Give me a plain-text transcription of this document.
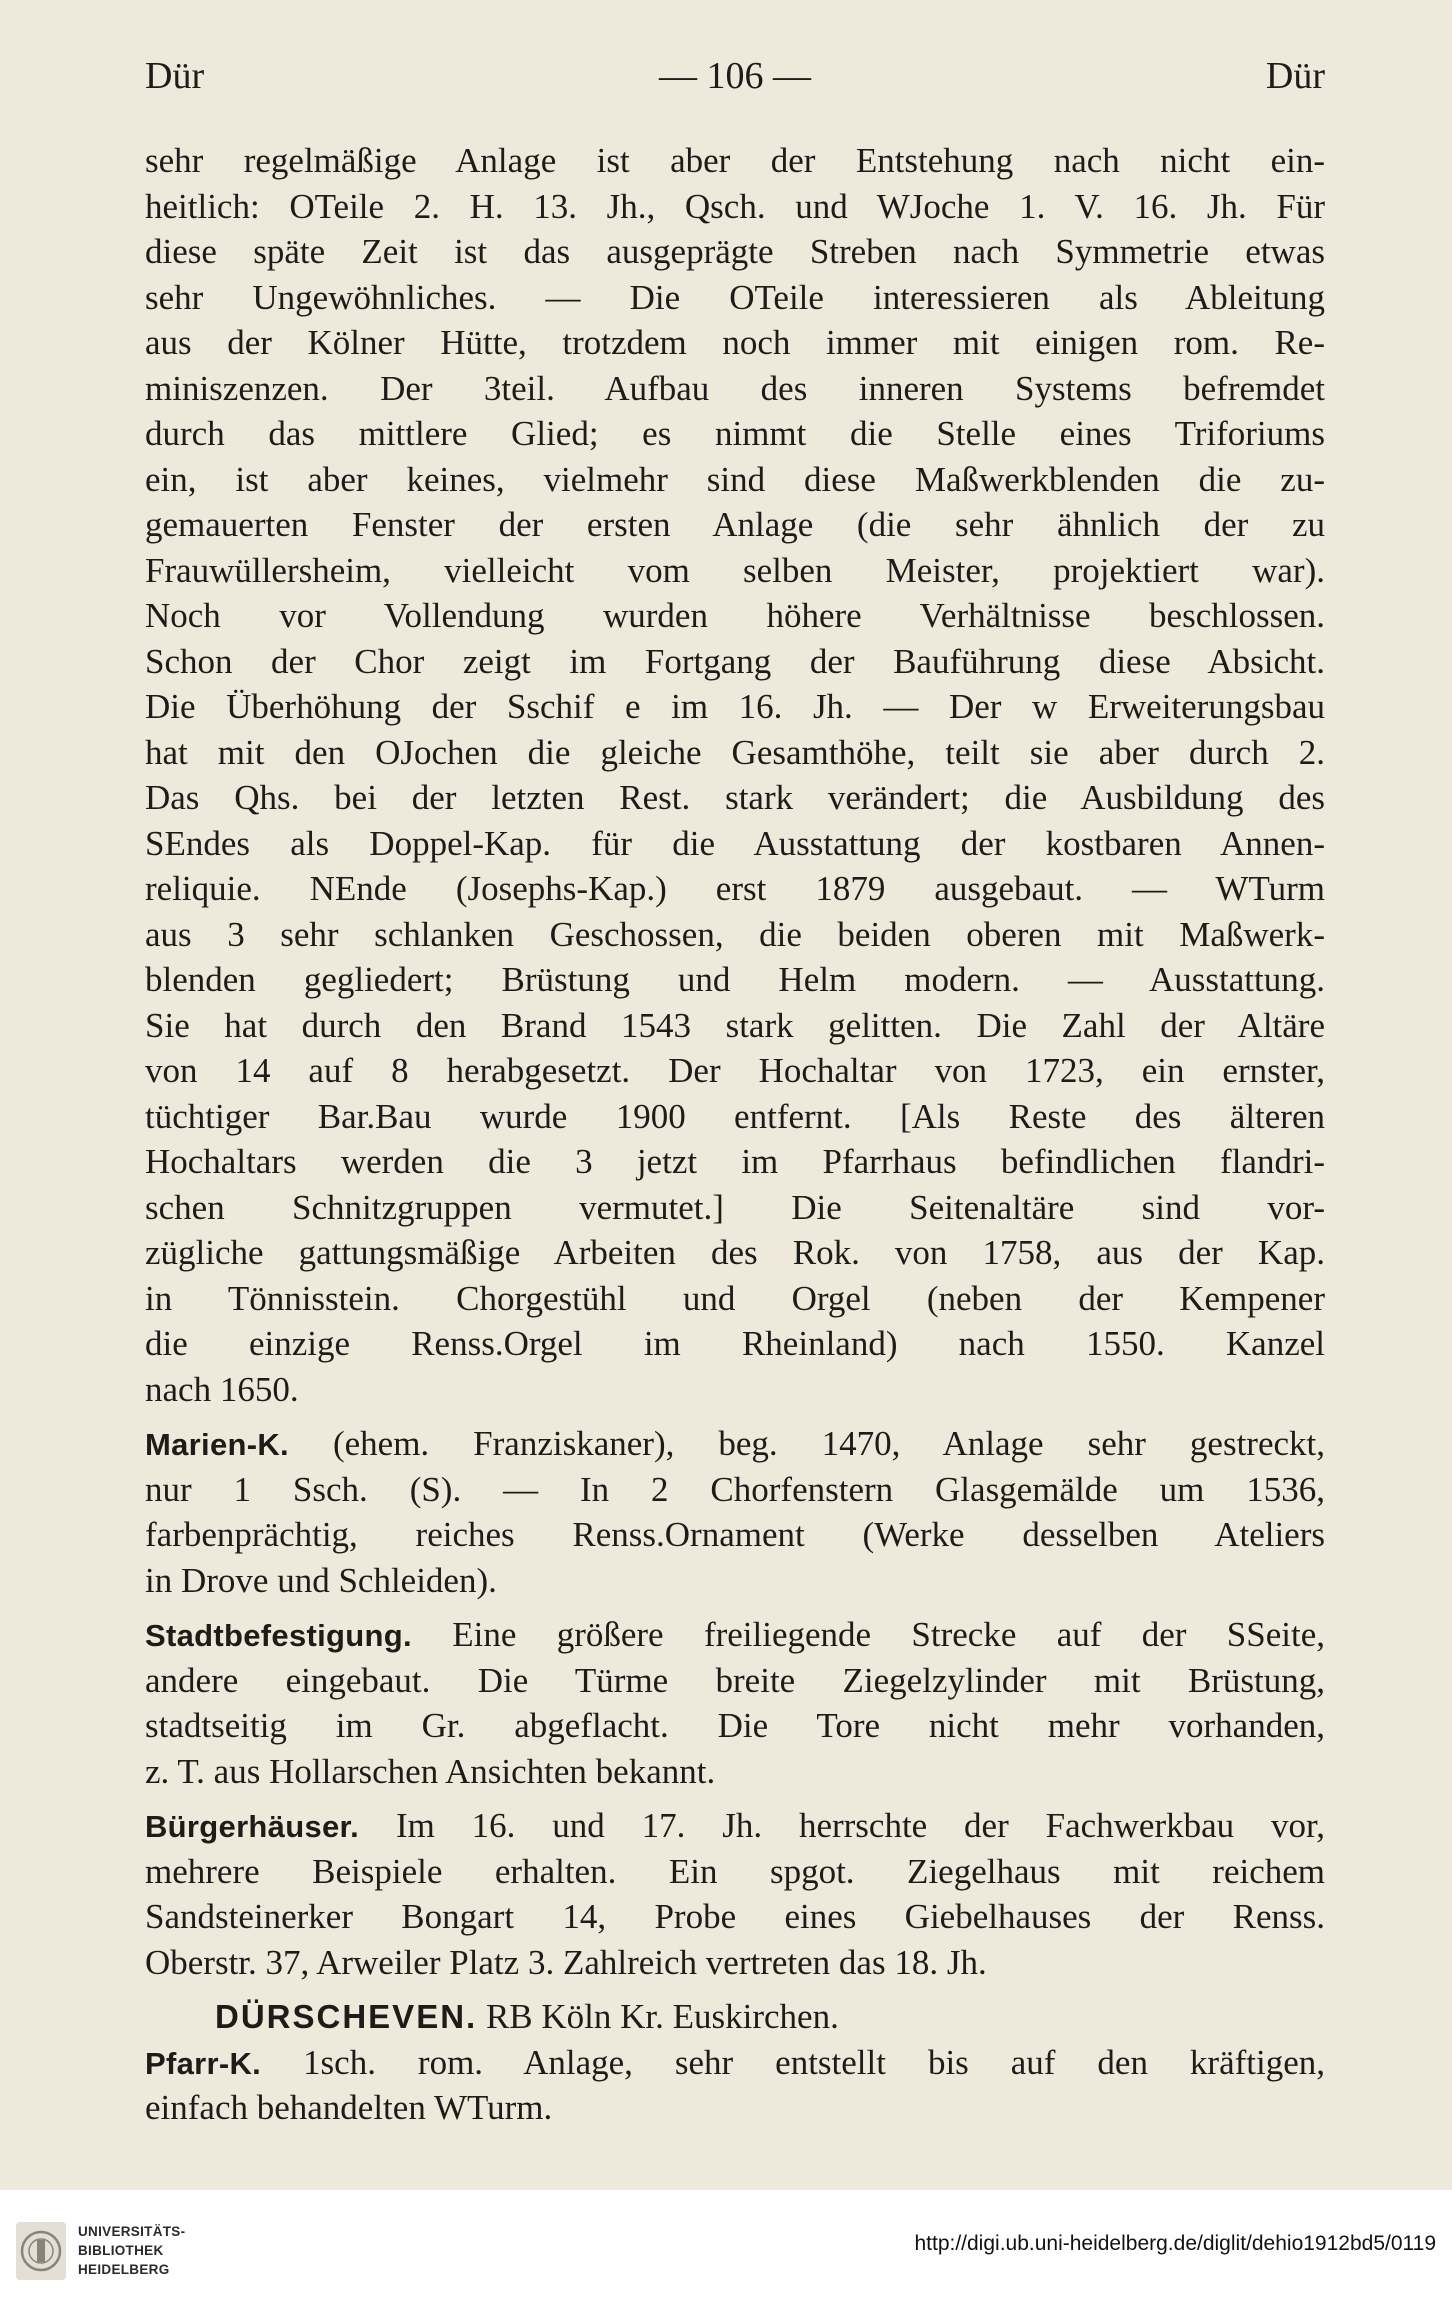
Dür	— 106 —	Dür
sehr regelmäßige Anlage ist aber der Entstehung nach nicht ein-
heitlich: OTeile 2. H. 13. Jh., Qsch. und WJoche 1. V. 16. Jh. Für
diese späte Zeit ist das ausgeprägte Streben nach Symmetrie etwas
sehr Ungewöhnliches. — Die OTeile interessieren als Ableitung
aus der Kölner Hütte, trotzdem noch immer mit einigen rom. Re-
miniszenzen. Der 3teil. Aufbau des inneren Systems befremdet
durch das mittlere Glied; es nimmt die Stelle eines Triforiums
ein, ist aber keines, vielmehr sind diese Maßwerkblenden die zu-
gemauerten Fenster der ersten Anlage (die sehr ähnlich der zu
Frauwüllersheim, vielleicht vom selben Meister, projektiert war).
Noch vor Vollendung wurden höhere Verhältnisse beschlossen.
Schon der Chor zeigt im Fortgang der Bauführung diese Absicht.
Die Überhöhung der Sschif e im 16. Jh. — Der w Erweiterungsbau
hat mit den OJochen die gleiche Gesamthöhe, teilt sie aber durch 2.
Das Qhs. bei der letzten Rest. stark verändert; die Ausbildung des
SEndes als Doppel-Kap. für die Ausstattung der kostbaren Annen-
reliquie. NEnde (Josephs-Kap.) erst 1879 ausgebaut. — WTurm
aus 3 sehr schlanken Geschossen, die beiden oberen mit Maßwerk-
blenden gegliedert; Brüstung und Helm modern. — Ausstattung.
Sie hat durch den Brand 1543 stark gelitten. Die Zahl der Altäre
von 14 auf 8 herabgesetzt. Der Hochaltar von 1723, ein ernster,
tüchtiger Bar.Bau wurde 1900 entfernt. [Als Reste des älteren
Hochaltars werden die 3 jetzt im Pfarrhaus befindlichen flandri-
schen Schnitzgruppen vermutet.] Die Seitenaltäre sind vor-
zügliche gattungsmäßige Arbeiten des Rok. von 1758, aus der Kap.
in Tönnisstein. Chorgestühl und Orgel (neben der Kempener
die einzige Renss.Orgel im Rheinland) nach 1550. Kanzel
nach 1650.
Marien-K. (ehem. Franziskaner), beg. 1470, Anlage sehr gestreckt,
nur 1 Ssch. (S). — In 2 Chorfenstern Glasgemälde um 1536,
farbenprächtig, reiches Renss.Ornament (Werke desselben Ateliers
in Drove und Schleiden).
Stadtbefestigung. Eine größere freiliegende Strecke auf der SSeite,
andere eingebaut. Die Türme breite Ziegelzylinder mit Brüstung,
stadtseitig im Gr. abgeflacht. Die Tore nicht mehr vorhanden,
z. T. aus Hollarschen Ansichten bekannt.
Bürgerhäuser. Im 16. und 17. Jh. herrschte der Fachwerkbau vor,
mehrere Beispiele erhalten. Ein spgot. Ziegelhaus mit reichem
Sandsteinerker Bongart 14, Probe eines Giebelhauses der Renss.
Oberstr. 37, Arweiler Platz 3. Zahlreich vertreten das 18. Jh.
DÜRSCHEVEN. RB Köln Kr. Euskirchen.
Pfarr-K. 1sch. rom. Anlage, sehr entstellt bis auf den kräftigen,
einfach behandelten WTurm.
UNIVERSITÄTS-
BIBLIOTHEK
HEIDELBERG
http://digi.ub.uni-heidelberg.de/diglit/dehio1912bd5/0119
